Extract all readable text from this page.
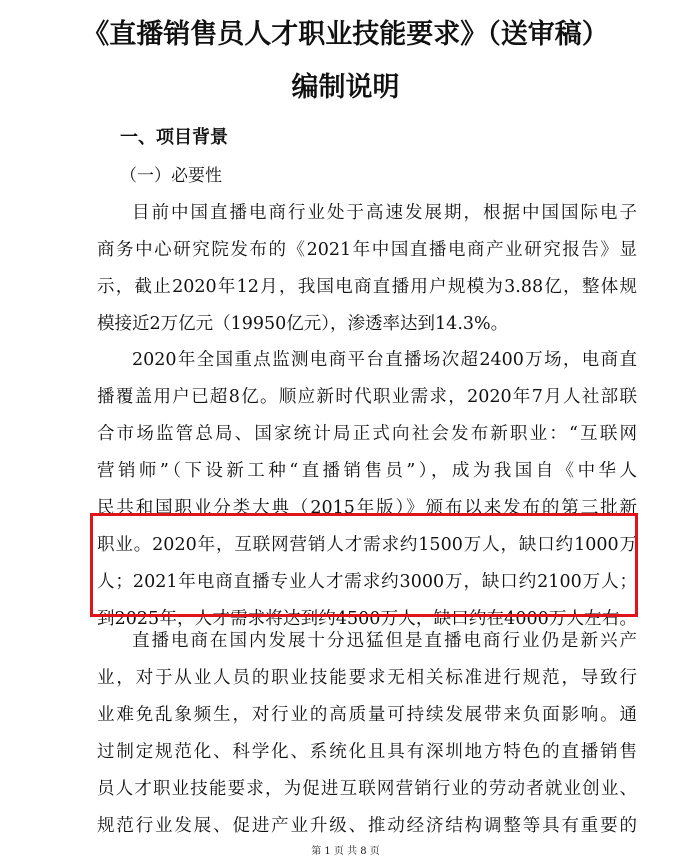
《直播销售员人才职业技能要求》（送审稿）
编制说明
一、项目背景
（一）必要性
目前中国直播电商行业处于高速发展期，根据中国国际电子
商务中心研究院发布的《2021年中国直播电商产业研究报告》显
示，截止2020年12月，我国电商直播用户规模为3.88亿，整体规
模接近2万亿元（19950亿元），渗透率达到14.3%。
2020年全国重点监测电商平台直播场次超2400万场，电商直
播覆盖用户已超8亿。顺应新时代职业需求，2020年7月人社部联
合市场监管总局、国家统计局正式向社会发布新职业：“互联网
营销师”（下设新工种“直播销售员”），成为我国自《中华人
民共和国职业分类大典（2015年版）》颁布以来发布的第三批新
职业。2020年，互联网营销人才需求约1500万人，缺口约1000万
人；2021年电商直播专业人才需求约3000万，缺口约2100万人；
到2025年，人才需求将达到约4500万人，缺口约在4000万人左右。
直播电商在国内发展十分迅猛但是直播电商行业仍是新兴产
业，对于从业人员的职业技能要求无相关标准进行规范，导致行
业难免乱象频生，对行业的高质量可持续发展带来负面影响。通
过制定规范化、科学化、系统化且具有深圳地方特色的直播销售
员人才职业技能要求，为促进互联网营销行业的劳动者就业创业、
规范行业发展、促进产业升级、推动经济结构调整等具有重要的
第 1 页 共 8 页
